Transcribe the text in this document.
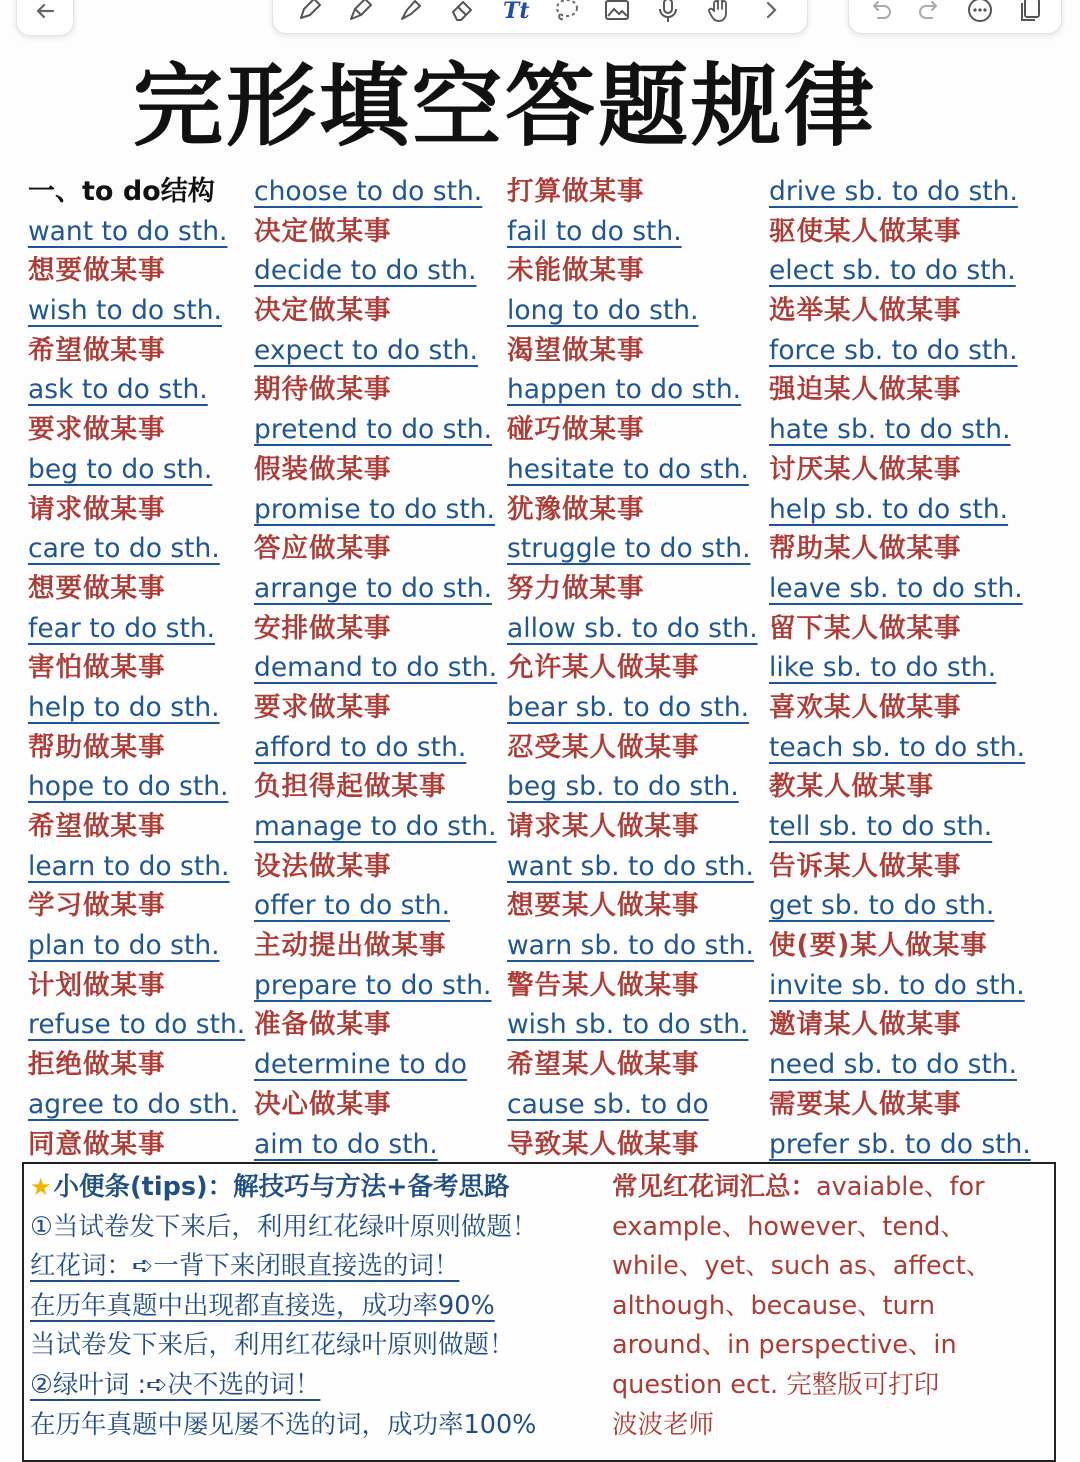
Tt
完形填空答题规律
一、to do结构
want to do sth.
想要做某事
wish to do sth.
希望做某事
ask to do sth.
要求做某事
beg to do sth.
请求做某事
care to do sth.
想要做某事
fear to do sth.
害怕做某事
help to do sth.
帮助做某事
hope to do sth.
希望做某事
learn to do sth.
学习做某事
plan to do sth.
计划做某事
refuse to do sth.
拒绝做某事
agree to do sth.
同意做某事
choose to do sth.
决定做某事
decide to do sth.
决定做某事
expect to do sth.
期待做某事
pretend to do sth.
假装做某事
promise to do sth.
答应做某事
arrange to do sth.
安排做某事
demand to do sth.
要求做某事
afford to do sth.
负担得起做某事
manage to do sth.
设法做某事
offer to do sth.
主动提出做某事
prepare to do sth.
准备做某事
determine to do
决心做某事
aim to do sth.
打算做某事
fail to do sth.
未能做某事
long to do sth.
渴望做某事
happen to do sth.
碰巧做某事
hesitate to do sth.
犹豫做某事
struggle to do sth.
努力做某事
allow sb. to do sth.
允许某人做某事
bear sb. to do sth.
忍受某人做某事
beg sb. to do sth.
请求某人做某事
want sb. to do sth.
想要某人做某事
warn sb. to do sth.
警告某人做某事
wish sb. to do sth.
希望某人做某事
cause sb. to do
导致某人做某事
drive sb. to do sth.
驱使某人做某事
elect sb. to do sth.
选举某人做某事
force sb. to do sth.
强迫某人做某事
hate sb. to do sth.
讨厌某人做某事
help sb. to do sth.
帮助某人做某事
leave sb. to do sth.
留下某人做某事
like sb. to do sth.
喜欢某人做某事
teach sb. to do sth.
教某人做某事
tell sb. to do sth.
告诉某人做某事
get sb. to do sth.
使(要)某人做某事
invite sb. to do sth.
邀请某人做某事
need sb. to do sth.
需要某人做某事
prefer sb. to do sth.
★小便条(tips)：解技巧与方法+备考思路
①当试卷发下来后，利用红花绿叶原则做题！
红花词：➪一背下来闭眼直接选的词！
在历年真题中出现都直接选，成功率90%
当试卷发下来后，利用红花绿叶原则做题！
②绿叶词 :➪决不选的词！
在历年真题中屡见屡不选的词，成功率100%
常见红花词汇总：avaiable、for
example、however、tend、
while、yet、such as、affect、
although、because、turn
around、in perspective、in
question ect. 完整版可打印
波波老师
